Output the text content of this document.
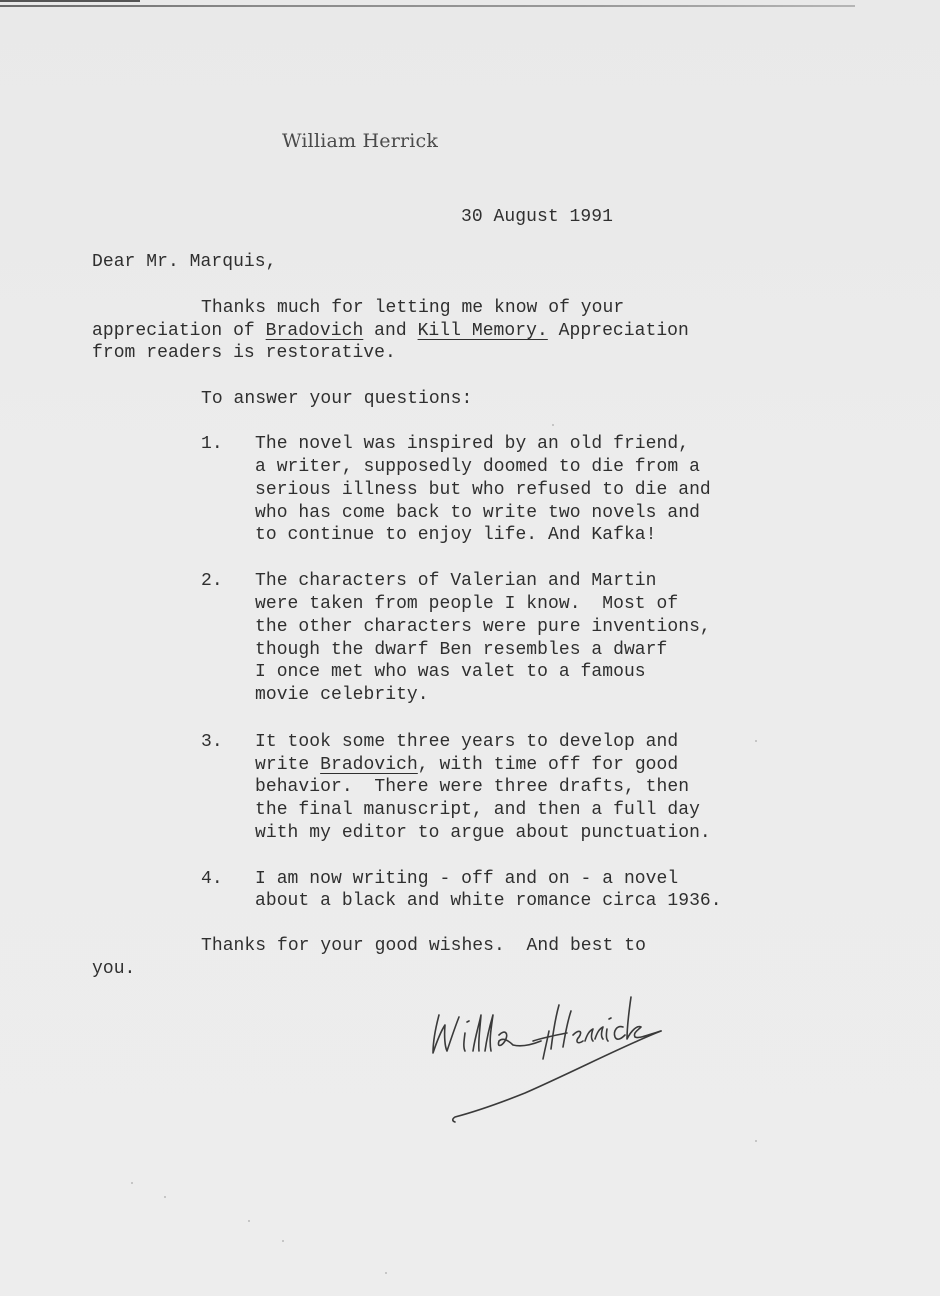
William Herrick
30 August 1991
Dear Mr. Marquis,
Thanks much for letting me know of your
appreciation of Bradovich and Kill Memory. Appreciation
from readers is restorative.
To answer your questions:
1. The novel was inspired by an old friend,
a writer, supposedly doomed to die from a
serious illness but who refused to die and
who has come back to write two novels and
to continue to enjoy life. And Kafka!
2. The characters of Valerian and Martin
were taken from people I know.  Most of
the other characters were pure inventions,
though the dwarf Ben resembles a dwarf
I once met who was valet to a famous
movie celebrity.
3. It took some three years to develop and
write Bradovich, with time off for good
behavior.  There were three drafts, then
the final manuscript, and then a full day
with my editor to argue about punctuation.
4. I am now writing - off and on - a novel
about a black and white romance circa 1936.
Thanks for your good wishes.  And best to
you.
